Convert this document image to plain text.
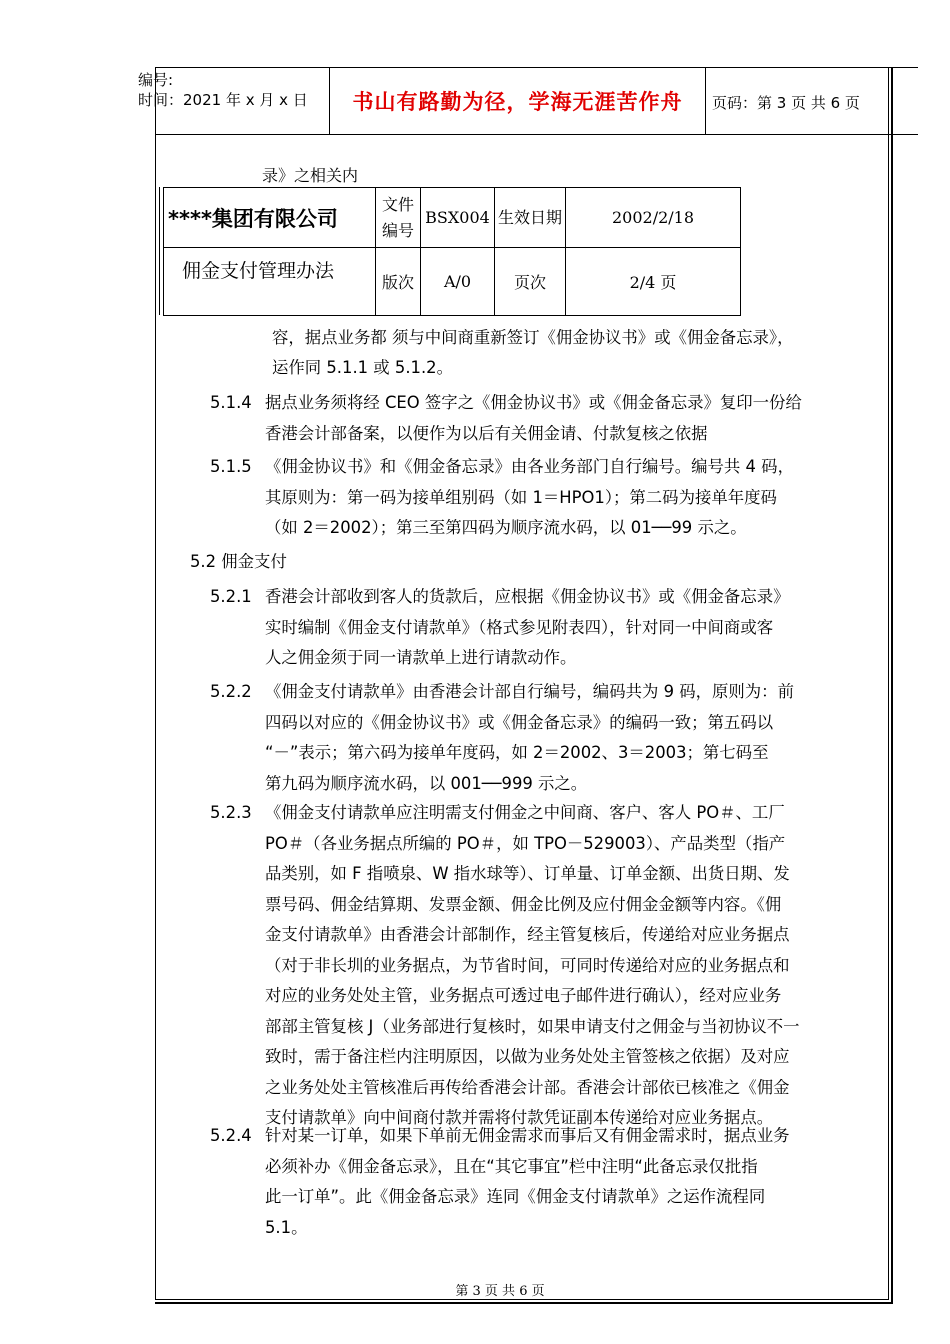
编号:
时间：2021 年 x 月 x 日	书山有路勤为径，学海无涯苦作舟	页码：第 3 页 共 6 页
录》之相关内
****集团有限公司	文件编号	BSX004	生效日期	2002/2/18
佣金支付管理办法	版次	A/0	页次	2/4 页
容，据点业务都 须与中间商重新签订《佣金协议书》或《佣金备忘录》，
运作同 5.1.1 或 5.1.2。
5.1.4 据点业务须将经 CEO 签字之《佣金协议书》或《佣金备忘录》复印一份给
香港会计部备案，以便作为以后有关佣金请、付款复核之依据
5.1.5 《佣金协议书》和《佣金备忘录》由各业务部门自行编号。编号共 4 码，
其原则为：第一码为接单组别码（如 1＝HPO1）；第二码为接单年度码
（如 2＝2002）；第三至第四码为顺序流水码，以 01──99 示之。
5.2 佣金支付
5.2.1 香港会计部收到客人的货款后，应根据《佣金协议书》或《佣金备忘录》
实时编制《佣金支付请款单》（格式参见附表四），针对同一中间商或客
人之佣金须于同一请款单上进行请款动作。
5.2.2 《佣金支付请款单》由香港会计部自行编号，编码共为 9 码，原则为：前
四码以对应的《佣金协议书》或《佣金备忘录》的编码一致；第五码以
“－”表示；第六码为接单年度码，如 2＝2002、3＝2003；第七码至
第九码为顺序流水码，以 001──999 示之。
5.2.3 《佣金支付请款单应注明需支付佣金之中间商、客户、客人 PO＃、工厂
PO＃（各业务据点所编的 PO＃，如 TPO－529003）、产品类型（指产
品类别，如 F 指喷泉、W 指水球等）、订单量、订单金额、出货日期、发
票号码、佣金结算期、发票金额、佣金比例及应付佣金金额等内容。《佣
金支付请款单》由香港会计部制作，经主管复核后，传递给对应业务据点
（对于非长圳的业务据点，为节省时间，可同时传递给对应的业务据点和
对应的业务处处主管，业务据点可透过电子邮件进行确认），经对应业务
部部主管复核 J（业务部进行复核时，如果申请支付之佣金与当初协议不一
致时，需于备注栏内注明原因，以做为业务处处主管签核之依据）及对应
之业务处处主管核准后再传给香港会计部。香港会计部依已核准之《佣金
支付请款单》向中间商付款并需将付款凭证副本传递给对应业务据点。
5.2.4 针对某一订单，如果下单前无佣金需求而事后又有佣金需求时，据点业务
必须补办《佣金备忘录》，且在“其它事宜”栏中注明“此备忘录仅批指
此一订单”。此《佣金备忘录》连同《佣金支付请款单》之运作流程同
5.1。
第 3 页 共 6 页
